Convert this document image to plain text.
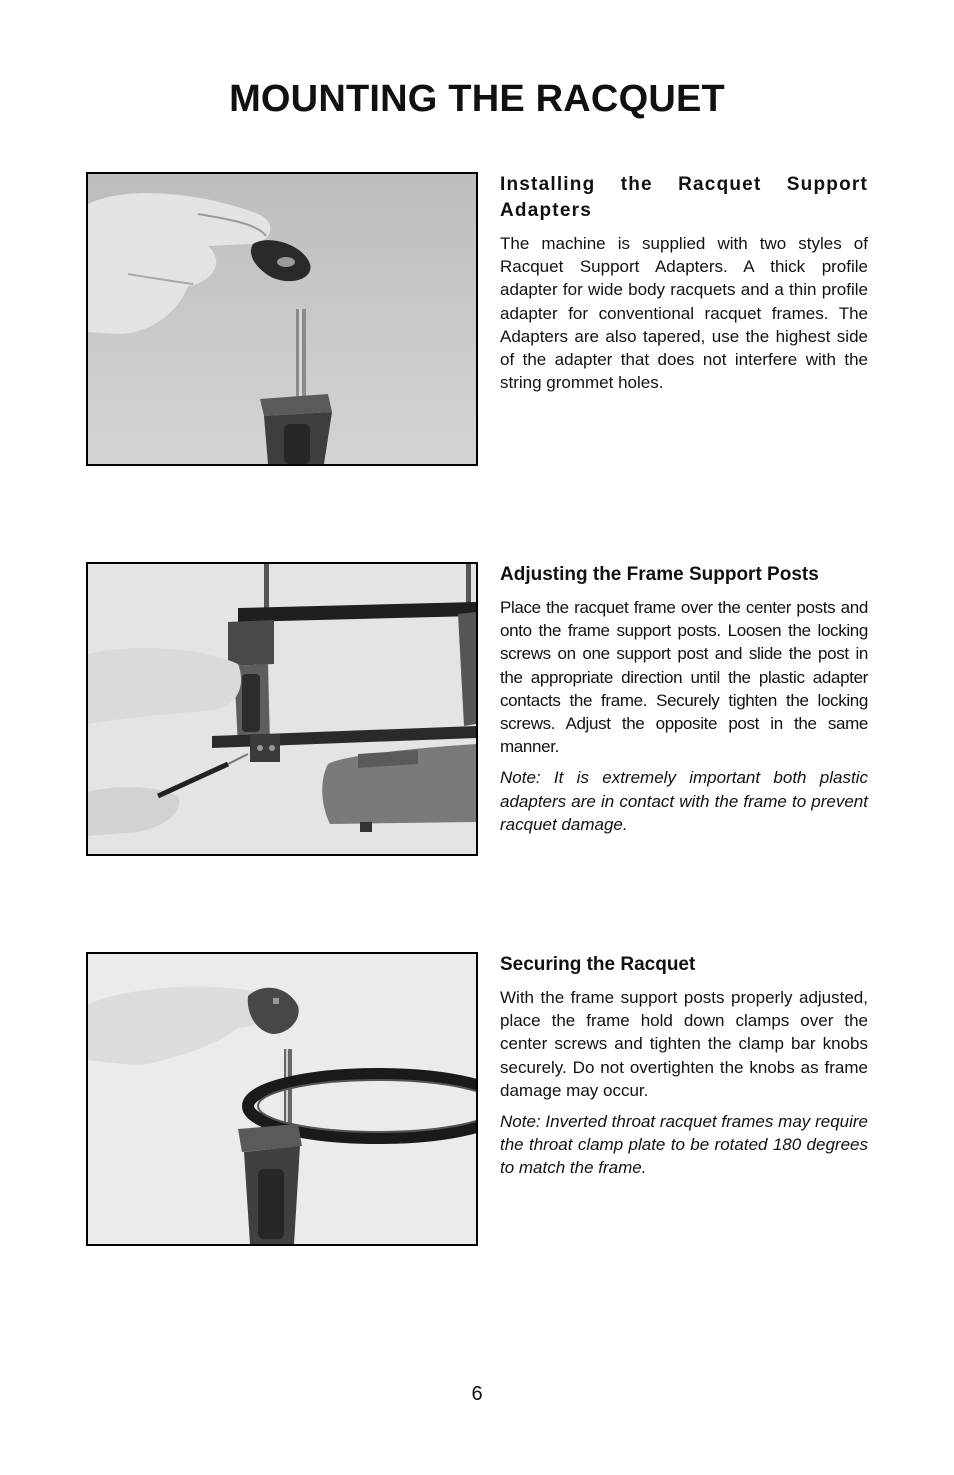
MOUNTING THE RACQUET
Installing the Racquet Support Adapters

The machine is supplied with two styles of Racquet Support Adapters. A thick profile adapter for wide body racquets and a thin profile adapter for conventional racquet frames. The Adapters are also tapered, use the highest side of the adapter that does not interfere with the string grommet holes.

Adjusting the Frame Support Posts

Place the racquet frame over the center posts and onto the frame support posts. Loosen the locking screws on one support post and slide the post in the appropriate direction until the plastic adapter contacts the frame. Securely tighten the locking screws. Adjust the opposite post in the same manner.

Note: It is extremely important both plastic adapters are in contact with the frame to prevent racquet damage.

Securing the Racquet

With the frame support posts properly adjusted, place the frame hold down clamps over the center screws and tighten the clamp bar knobs securely. Do not overtighten the knobs as frame damage may occur.

Note: Inverted throat racquet frames may require the throat clamp plate to be rotated 180 degrees to match the frame.

6
